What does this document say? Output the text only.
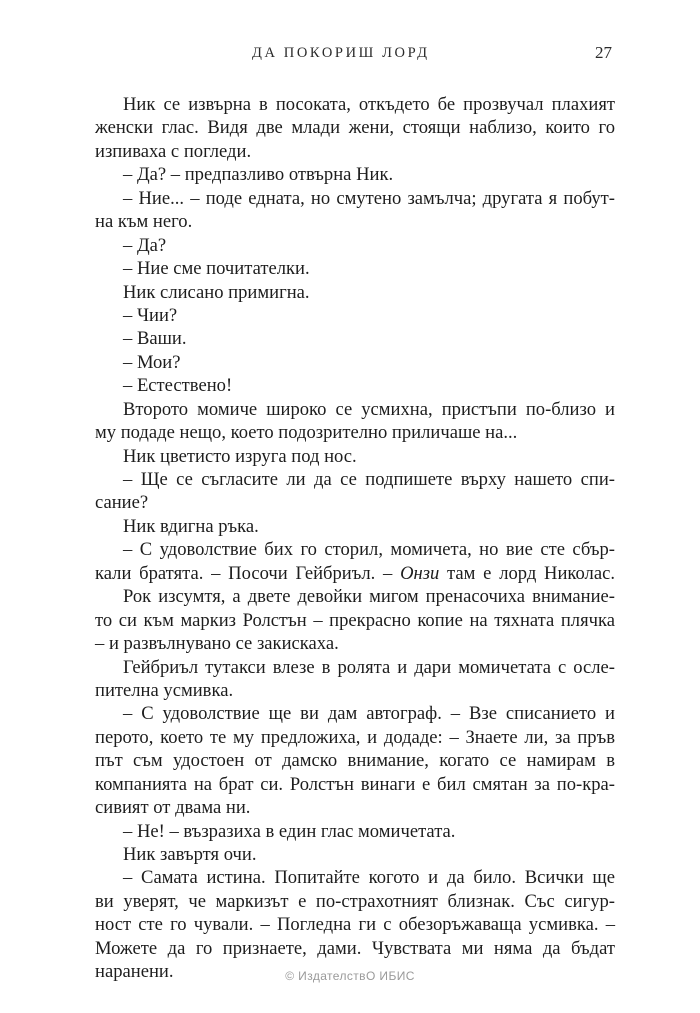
ДА ПОКОРИШ ЛОРД	27
Ник се извърна в посоката, откъдето бе прозвучал плахият
женски глас. Видя две млади жени, стоящи наблизо, които го
изпиваха с погледи.
– Да? – предпазливо отвърна Ник.
– Ние... – поде едната, но смутено замълча; другата я побут-
на към него.
– Да?
– Ние сме почитателки.
Ник слисано примигна.
– Чии?
– Ваши.
– Мои?
– Естествено!
Второто момиче широко се усмихна, пристъпи по-близо и
му подаде нещо, което подозрително приличаше на...
Ник цветисто изруга под нос.
– Ще се съгласите ли да се подпишете върху нашето спи-
сание?
Ник вдигна ръка.
– С удоволствие бих го сторил, момичета, но вие сте сбър-
кали братята. – Посочи Гейбриъл. – Онзи там е лорд Николас.
Рок изсумтя, а двете девойки мигом пренасочиха внимание-
то си към маркиз Ролстън – прекрасно копие на тяхната плячка
– и развълнувано се закискаха.
Гейбриъл тутакси влезе в ролята и дари момичетата с осле-
пителна усмивка.
– С удоволствие ще ви дам автограф. – Взе списанието и
перото, което те му предложиха, и додаде: – Знаете ли, за пръв
път съм удостоен от дамско внимание, когато се намирам в
компанията на брат си. Ролстън винаги е бил смятан за по-кра-
сивият от двама ни.
– Не! – възразиха в един глас момичетата.
Ник завъртя очи.
– Самата истина. Попитайте когото и да било. Всички ще
ви уверят, че маркизът е по-страхотният близнак. Със сигур-
ност сте го чували. – Погледна ги с обезоръжаваща усмивка. –
Можете да го признаете, дами. Чувствата ми няма да бъдат
наранени.	© ИздателствО ИБИС
